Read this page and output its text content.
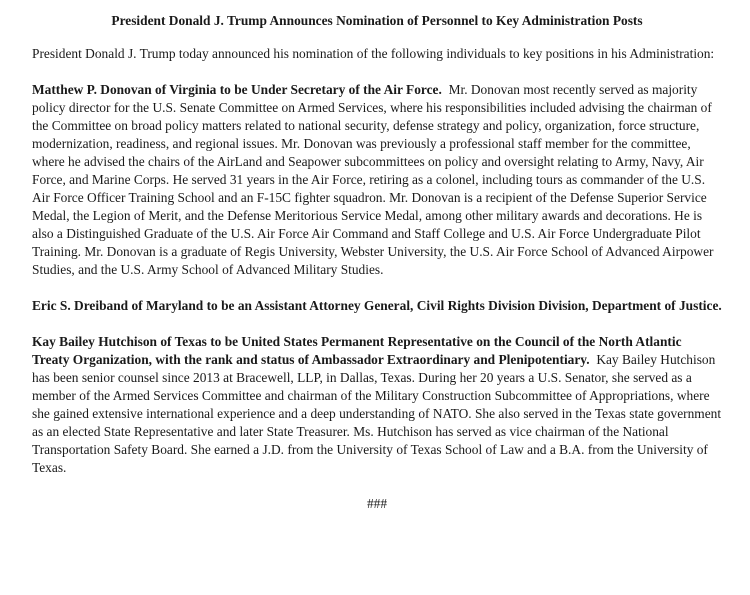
President Donald J. Trump Announces Nomination of Personnel to Key Administration Posts

President Donald J. Trump today announced his nomination of the following individuals to key positions in his Administration:

Matthew P. Donovan of Virginia to be Under Secretary of the Air Force. Mr. Donovan most recently served as majority policy director for the U.S. Senate Committee on Armed Services, where his responsibilities included advising the chairman of the Committee on broad policy matters related to national security, defense strategy and policy, organization, force structure, modernization, readiness, and regional issues. Mr. Donovan was previously a professional staff member for the committee, where he advised the chairs of the AirLand and Seapower subcommittees on policy and oversight relating to Army, Navy, Air Force, and Marine Corps. He served 31 years in the Air Force, retiring as a colonel, including tours as commander of the U.S. Air Force Officer Training School and an F-15C fighter squadron. Mr. Donovan is a recipient of the Defense Superior Service Medal, the Legion of Merit, and the Defense Meritorious Service Medal, among other military awards and decorations. He is also a Distinguished Graduate of the U.S. Air Force Air Command and Staff College and U.S. Air Force Undergraduate Pilot Training. Mr. Donovan is a graduate of Regis University, Webster University, the U.S. Air Force School of Advanced Airpower Studies, and the U.S. Army School of Advanced Military Studies.

Eric S. Dreiband of Maryland to be an Assistant Attorney General, Civil Rights Division Division, Department of Justice.

Kay Bailey Hutchison of Texas to be United States Permanent Representative on the Council of the North Atlantic Treaty Organization, with the rank and status of Ambassador Extraordinary and Plenipotentiary. Kay Bailey Hutchison has been senior counsel since 2013 at Bracewell, LLP, in Dallas, Texas. During her 20 years a U.S. Senator, she served as a member of the Armed Services Committee and chairman of the Military Construction Subcommittee of Appropriations, where she gained extensive international experience and a deep understanding of NATO. She also served in the Texas state government as an elected State Representative and later State Treasurer. Ms. Hutchison has served as vice chairman of the National Transportation Safety Board. She earned a J.D. from the University of Texas School of Law and a B.A. from the University of Texas.

###
